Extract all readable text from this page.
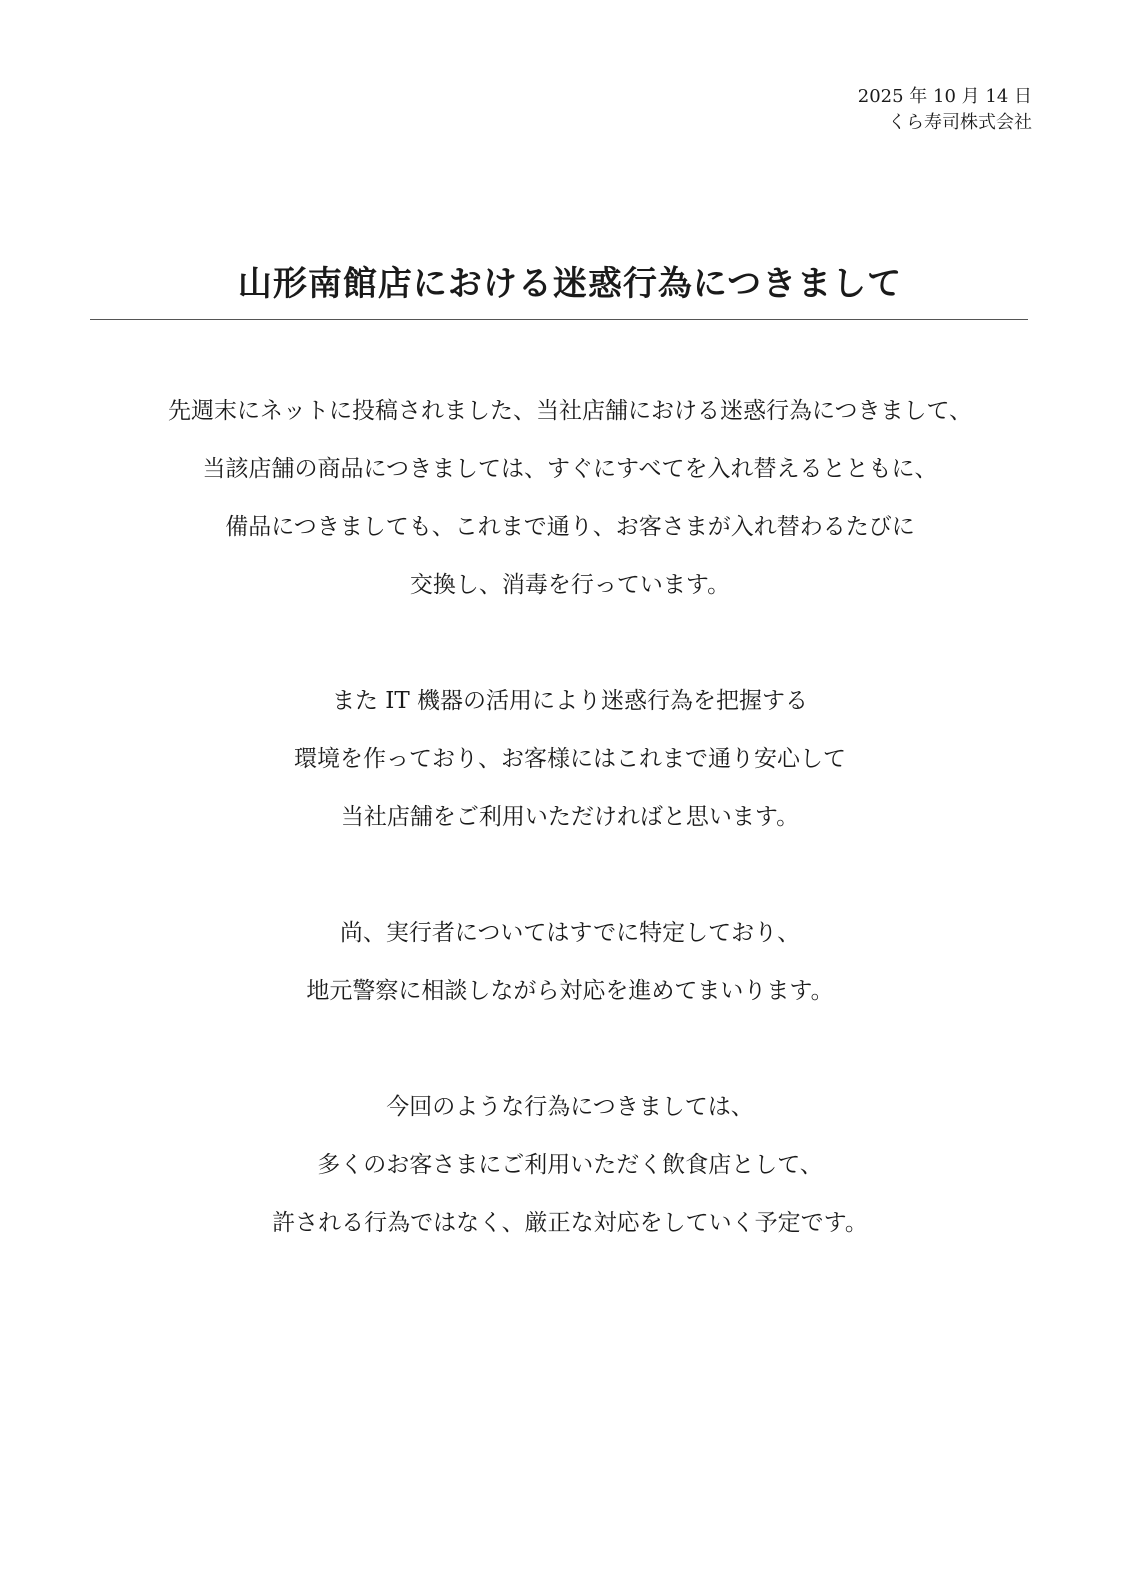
2025 年 10 月 14 日
くら寿司株式会社
山形南館店における迷惑行為につきまして
先週末にネットに投稿されました、当社店舗における迷惑行為につきまして、
当該店舗の商品につきましては、すぐにすべてを入れ替えるとともに、
備品につきましても、これまで通り、お客さまが入れ替わるたびに
交換し、消毒を行っています。
また IT 機器の活用により迷惑行為を把握する
環境を作っており、お客様にはこれまで通り安心して
当社店舗をご利用いただければと思います。
尚、実行者についてはすでに特定しており、
地元警察に相談しながら対応を進めてまいります。
今回のような行為につきましては、
多くのお客さまにご利用いただく飲食店として、
許される行為ではなく、厳正な対応をしていく予定です。
